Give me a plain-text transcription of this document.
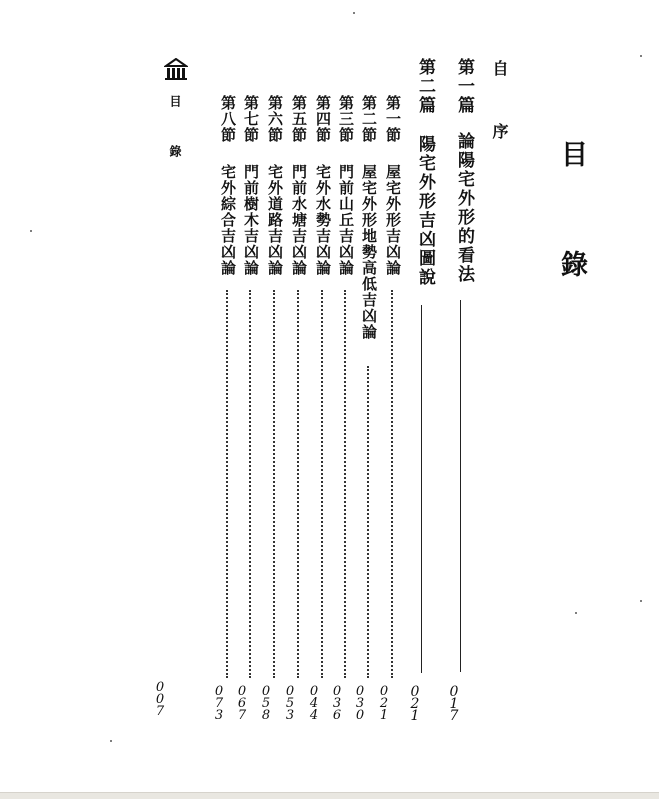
目 錄
目 錄	自 序
第一篇
論陽宅外形的看法
0
1
7
第二篇
陽宅外形吉凶圖說
0
2
1
第一節
屋宅外形吉凶論
0
2
1
第二節
屋宅外形地勢高低吉凶論
0
3
0
第三節
門前山丘吉凶論
0
3
6
第四節
宅外水勢吉凶論
0
4
4
第五節
門前水塘吉凶論
0
5
3
第六節
宅外道路吉凶論
0
5
8
第七節
門前樹木吉凶論
0
6
7
第八節
宅外綜合吉凶論
0
7
3
0
0
7
